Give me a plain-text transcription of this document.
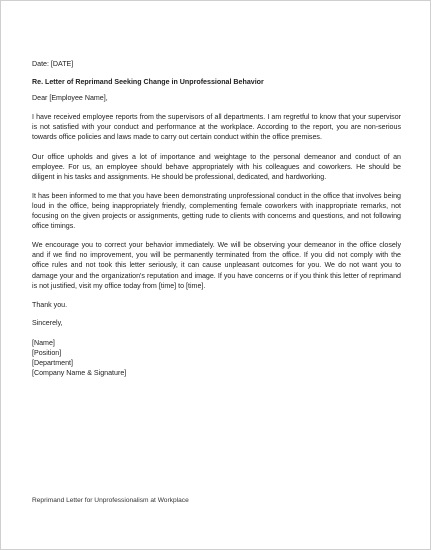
Date: [DATE]

Re. Letter of Reprimand Seeking Change in Unprofessional Behavior

Dear [Employee Name],

I have received employee reports from the supervisors of all departments. I am regretful to know that your supervisor is not satisfied with your conduct and performance at the workplace. According to the report, you are non-serious towards office policies and laws made to carry out certain conduct within the office premises.

Our office upholds and gives a lot of importance and weightage to the personal demeanor and conduct of an employee. For us, an employee should behave appropriately with his colleagues and coworkers. He should be diligent in his tasks and assignments. He should be professional, dedicated, and hardworking.

It has been informed to me that you have been demonstrating unprofessional conduct in the office that involves being loud in the office, being inappropriately friendly, complementing female coworkers with inappropriate remarks, not focusing on the given projects or assignments, getting rude to clients with concerns and questions, and not following office timings.

We encourage you to correct your behavior immediately. We will be observing your demeanor in the office closely and if we find no improvement, you will be permanently terminated from the office. If you did not comply with the office rules and not took this letter seriously, it can cause unpleasant outcomes for you. We do not want you to damage your and the organization's reputation and image. If you have concerns or if you think this letter of reprimand is not justified, visit my office today from [time] to [time].

Thank you.

Sincerely,

[Name]

[Position]

[Department]

[Company Name & Signature]

Reprimand Letter for Unprofessionalism at Workplace
